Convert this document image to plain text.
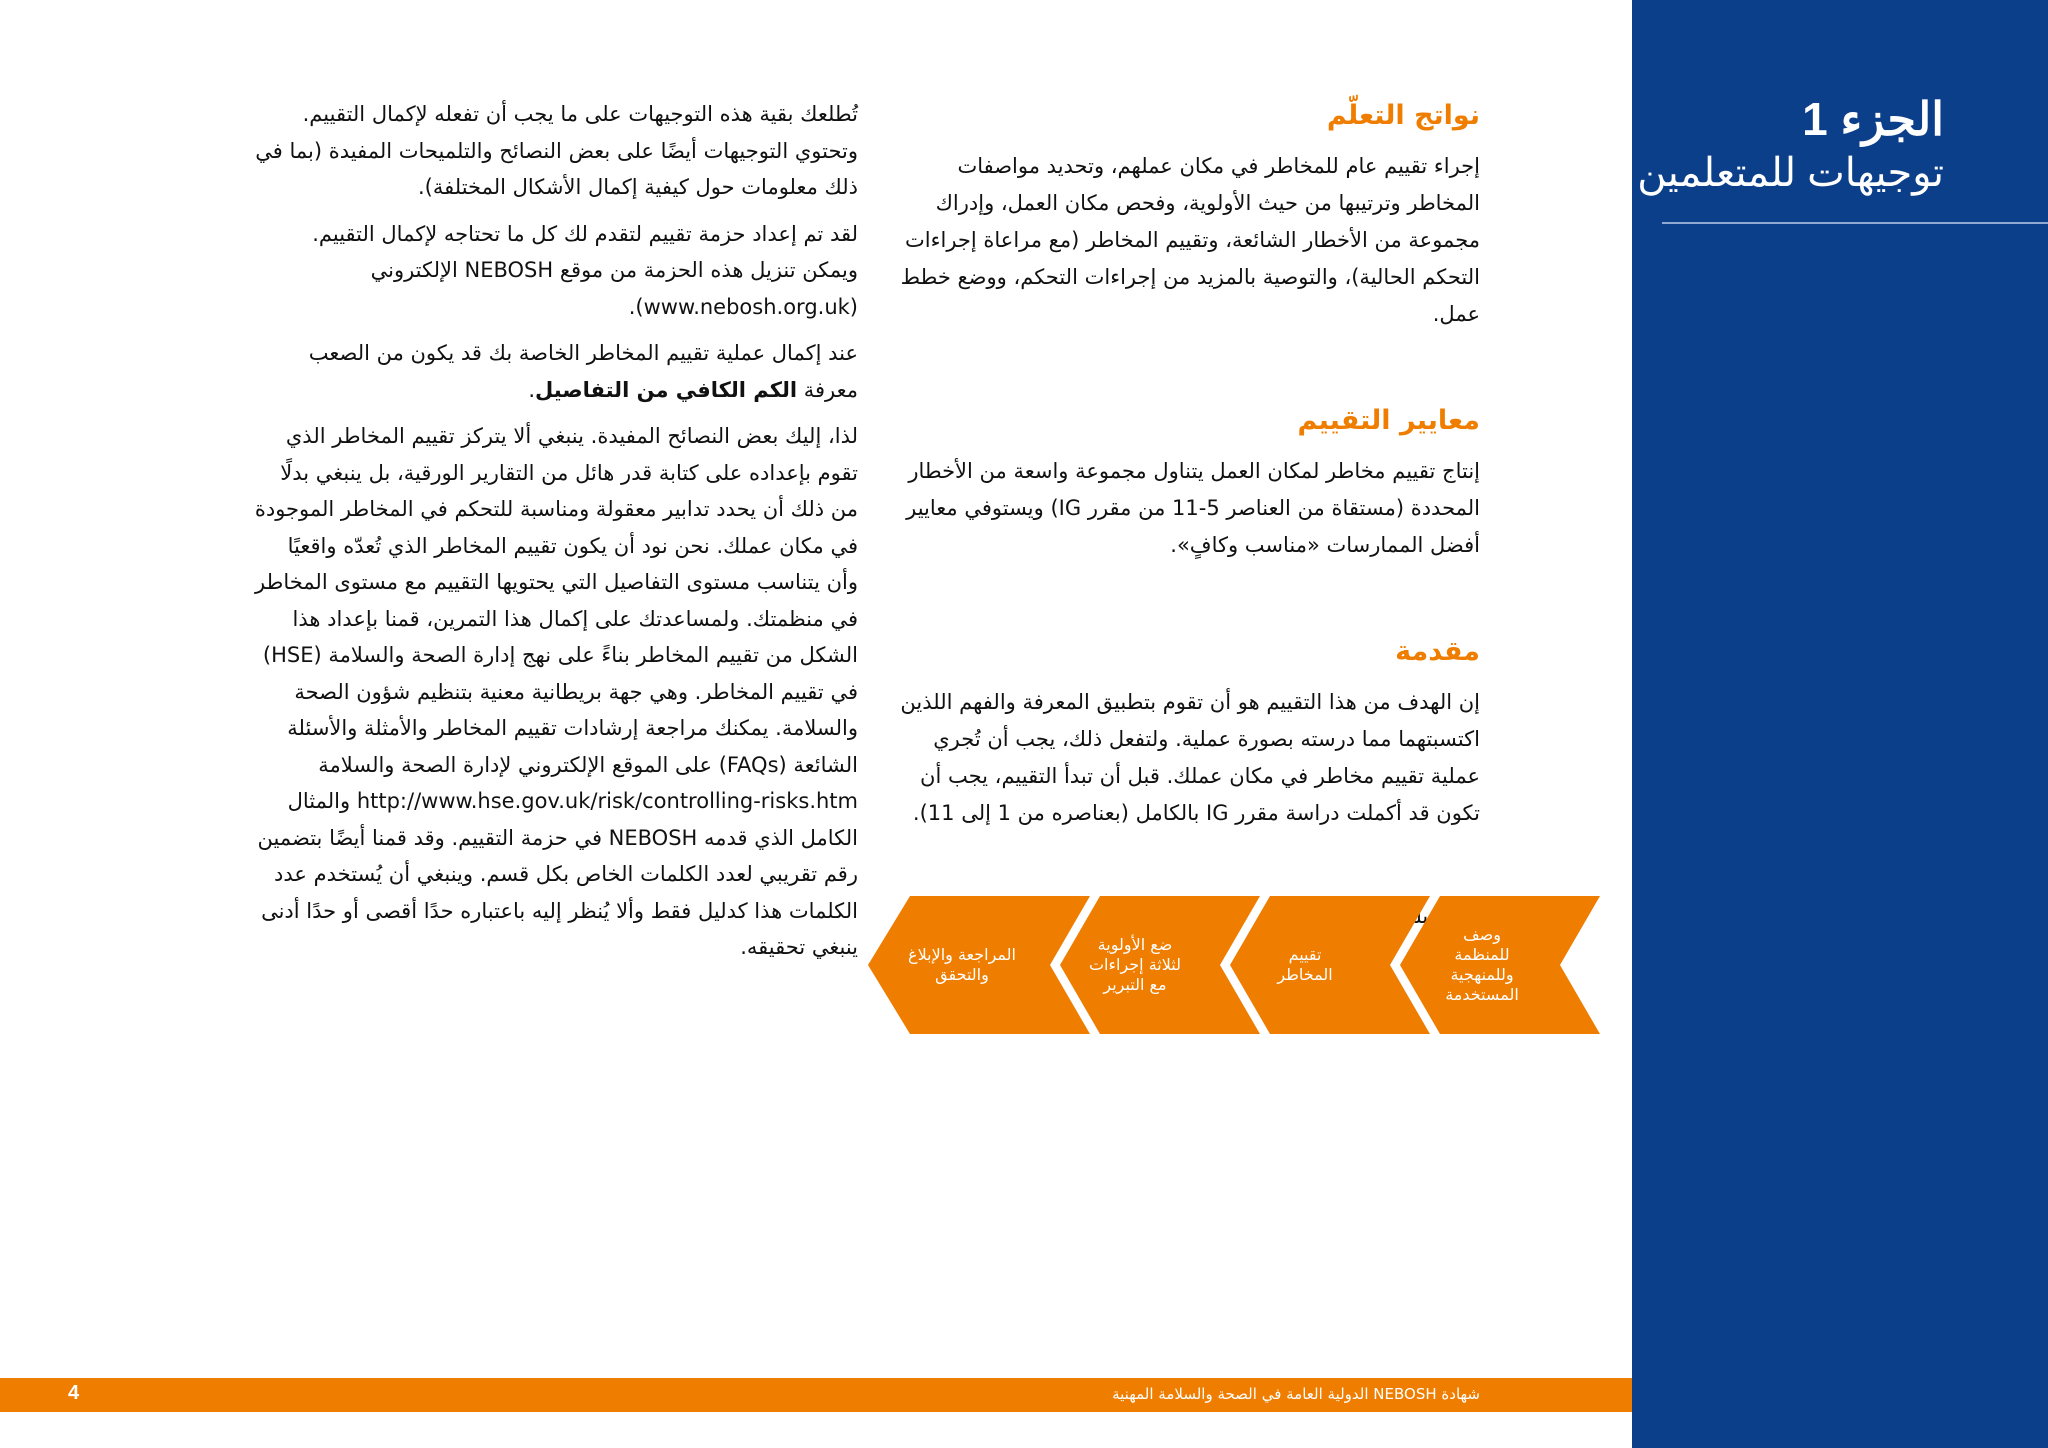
الجزء 1
توجيهات للمتعلمين
نواتج التعلّم

إجراء تقييم عام للمخاطر في مكان عملهم، وتحديد مواصفات المخاطر وترتيبها من حيث الأولوية، وفحص مكان العمل، وإدراك مجموعة من الأخطار الشائعة، وتقييم المخاطر (مع مراعاة إجراءات التحكم الحالية)، والتوصية بالمزيد من إجراءات التحكم، ووضع خطط عمل.

معايير التقييم

إنتاج تقييم مخاطر لمكان العمل يتناول مجموعة واسعة من الأخطار المحددة (مستقاة من العناصر 5-11 من مقرر IG) ويستوفي معايير أفضل الممارسات «مناسب وكافٍ».

مقدمة

إن الهدف من هذا التقييم هو أن تقوم بتطبيق المعرفة والفهم اللذين اكتسبتهما مما درسته بصورة عملية. ولتفعل ذلك، يجب أن تُجري عملية تقييم مخاطر في مكان عملك. قبل أن تبدأ التقييم، يجب أن تكون قد أكملت دراسة مقرر IG بالكامل (بعناصره من 1 إلى 11).

وصف للمنظمة وللمنهجية المستخدمة
تقييم المخاطر
ضع الأولوية لثلاثة إجراءات مع التبرير
المراجعة والإبلاغ والتحقق

تُطلعك بقية هذه التوجيهات على ما يجب أن تفعله لإكمال التقييم. وتحتوي التوجيهات أيضًا على بعض النصائح والتلميحات المفيدة (بما في ذلك معلومات حول كيفية إكمال الأشكال المختلفة).

لقد تم إعداد حزمة تقييم لتقدم لك كل ما تحتاجه لإكمال التقييم. ويمكن تنزيل هذه الحزمة من موقع NEBOSH الإلكتروني (www.nebosh.org.uk).

عند إكمال عملية تقييم المخاطر الخاصة بك قد يكون من الصعب معرفة الكم الكافي من التفاصيل.

لذا، إليك بعض النصائح المفيدة. ينبغي ألا يتركز تقييم المخاطر الذي تقوم بإعداده على كتابة قدر هائل من التقارير الورقية، بل ينبغي بدلًا من ذلك أن يحدد تدابير معقولة ومناسبة للتحكم في المخاطر الموجودة في مكان عملك. نحن نود أن يكون تقييم المخاطر الذي تُعدّه واقعيًا وأن يتناسب مستوى التفاصيل التي يحتويها التقييم مع مستوى المخاطر في منظمتك. ولمساعدتك على إكمال هذا التمرين، قمنا بإعداد هذا الشكل من تقييم المخاطر بناءً على نهج إدارة الصحة والسلامة (HSE) في تقييم المخاطر. وهي جهة بريطانية معنية بتنظيم شؤون الصحة والسلامة. يمكنك مراجعة إرشادات تقييم المخاطر والأمثلة والأسئلة الشائعة (FAQs) على الموقع الإلكتروني لإدارة الصحة والسلامة http://www.hse.gov.uk/risk/controlling-risks.htm والمثال الكامل الذي قدمه NEBOSH في حزمة التقييم. وقد قمنا أيضًا بتضمين رقم تقريبي لعدد الكلمات الخاص بكل قسم. وينبغي أن يُستخدم عدد الكلمات هذا كدليل فقط وألا يُنظر إليه باعتباره حدًا أقصى أو حدًا أدنى ينبغي تحقيقه.

شهادة NEBOSH الدولية العامة في الصحة والسلامة المهنية
4
